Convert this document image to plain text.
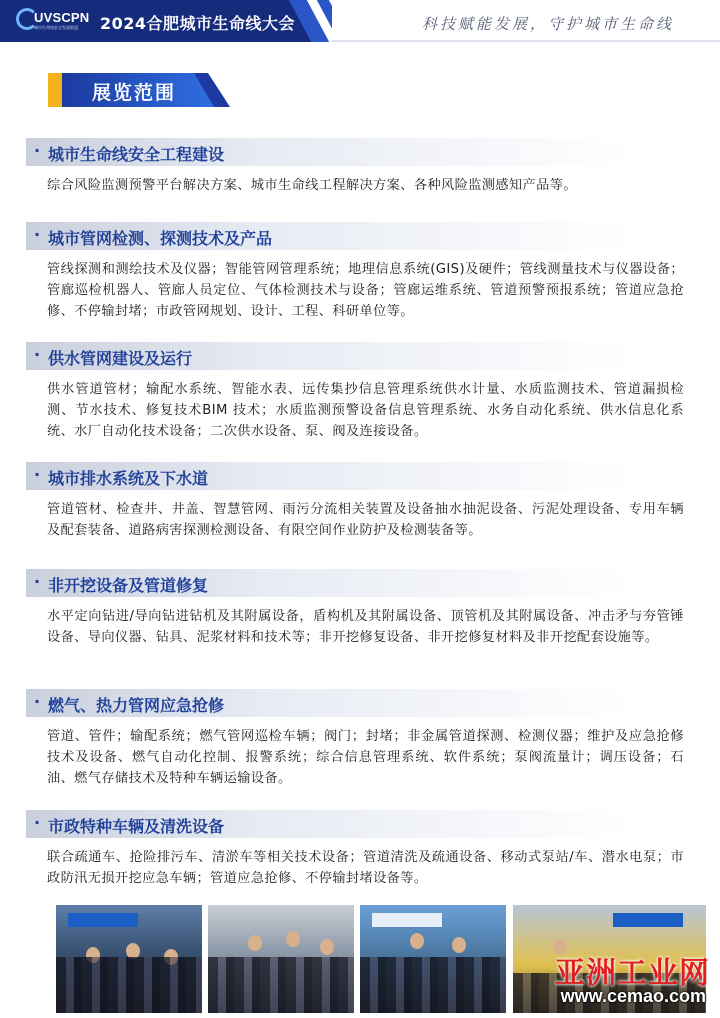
UVSCPN
城市生命线安全发展联盟 2024合肥城市生命线大会	科技赋能发展，守护城市生命线
展览范围
· 城市生命线安全工程建设
综合风险监测预警平台解决方案、城市生命线工程解决方案、各种风险监测感知产品等。
· 城市管网检测、探测技术及产品
管线探测和测绘技术及仪器；智能管网管理系统；地理信息系统(GIS)及硬件；管线测量技术与仪器设备；管廊巡检机器人、管廊人员定位、气体检测技术与设备；管廊运维系统、管道预警预报系统；管道应急抢修、不停输封堵；市政管网规划、设计、工程、科研单位等。
· 供水管网建设及运行
供水管道管材；输配水系统、智能水表、远传集抄信息管理系统供水计量、水质监测技术、管道漏损检测、节水技术、修复技术BIM 技术；水质监测预警设备信息管理系统、水务自动化系统、供水信息化系统、水厂自动化技术设备；二次供水设备、泵、阀及连接设备。
· 城市排水系统及下水道
管道管材、检查井、井盖、智慧管网、雨污分流相关装置及设备抽水抽泥设备、污泥处理设备、专用车辆及配套装备、道路病害探测检测设备、有限空间作业防护及检测装备等。
· 非开挖设备及管道修复
水平定向钻进/导向钻进钻机及其附属设备，盾构机及其附属设备、顶管机及其附属设备、冲击矛与夯管锤设备、导向仪器、钻具、泥浆材料和技术等；非开挖修复设备、非开挖修复材料及非开挖配套设施等。
· 燃气、热力管网应急抢修
管道、管件；输配系统；燃气管网巡检车辆；阀门；封堵；非金属管道探测、检测仪器；维护及应急抢修技术及设备、燃气自动化控制、报警系统；综合信息管理系统、软件系统；泵阀流量计；调压设备；石油、燃气存储技术及特种车辆运输设备。
· 市政特种车辆及清洗设备
联合疏通车、抢险排污车、清淤车等相关技术设备；管道清洗及疏通设备、移动式泵站/车、潜水电泵；市政防汛无损开挖应急车辆；管道应急抢修、不停输封堵设备等。
亚洲工业网
www.cemao.com
